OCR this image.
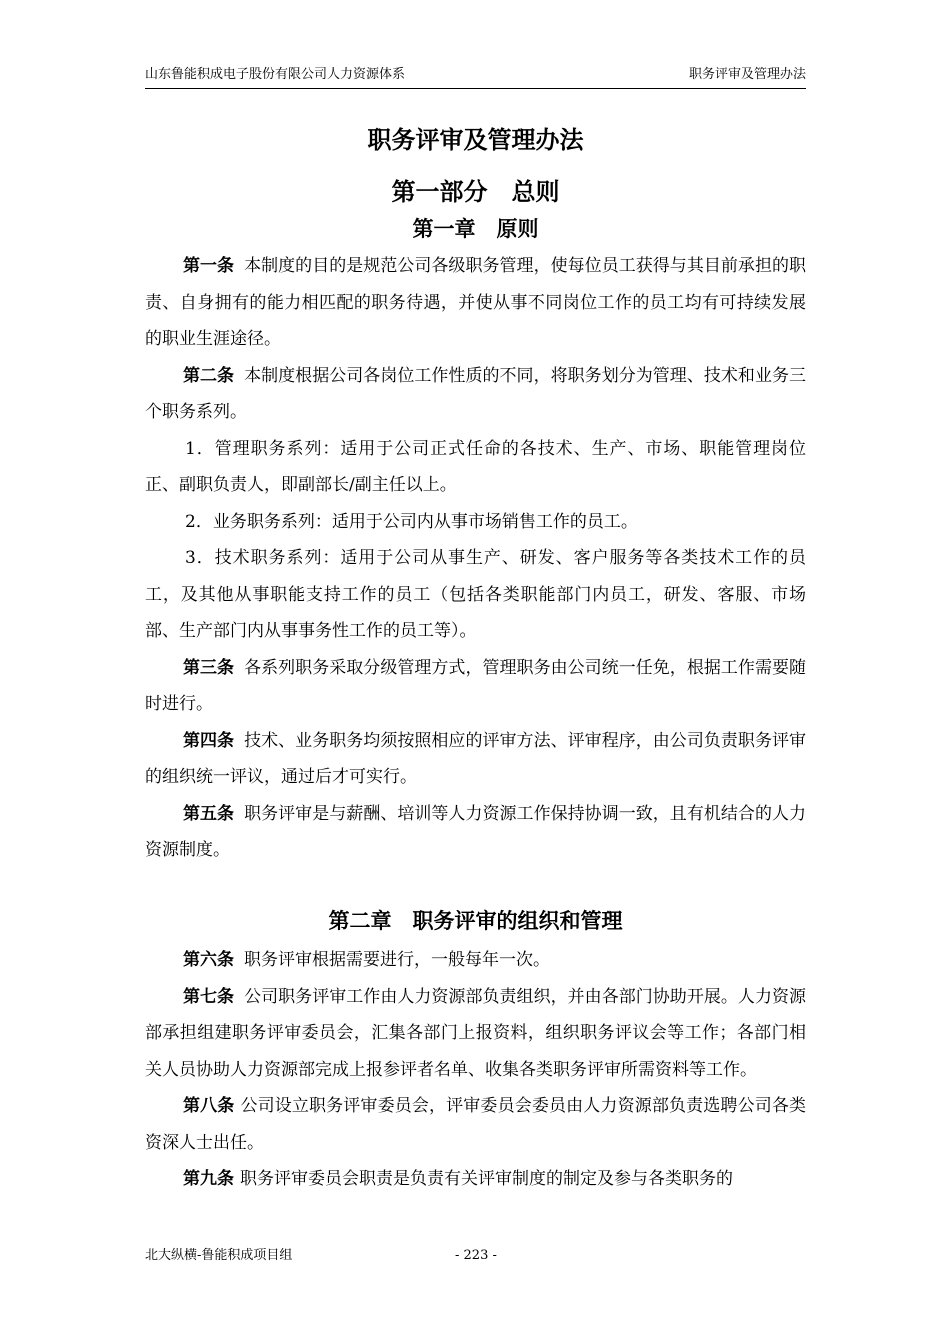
山东鲁能积成电子股份有限公司人力资源体系	职务评审及管理办法
职务评审及管理办法
第一部分　总则
第一章　原则

第一条 本制度的目的是规范公司各级职务管理，使每位员工获得与其目前承担的职责、自身拥有的能力相匹配的职务待遇，并使从事不同岗位工作的员工均有可持续发展的职业生涯途径。

第二条 本制度根据公司各岗位工作性质的不同，将职务划分为管理、技术和业务三个职务系列。

1．管理职务系列：适用于公司正式任命的各技术、生产、市场、职能管理岗位正、副职负责人，即副部长/副主任以上。

2．业务职务系列：适用于公司内从事市场销售工作的员工。

3．技术职务系列：适用于公司从事生产、研发、客户服务等各类技术工作的员工，及其他从事职能支持工作的员工（包括各类职能部门内员工，研发、客服、市场部、生产部门内从事事务性工作的员工等）。

第三条 各系列职务采取分级管理方式，管理职务由公司统一任免，根据工作需要随时进行。

第四条 技术、业务职务均须按照相应的评审方法、评审程序，由公司负责职务评审的组织统一评议，通过后才可实行。

第五条 职务评审是与薪酬、培训等人力资源工作保持协调一致，且有机结合的人力资源制度。

第二章　职务评审的组织和管理

第六条 职务评审根据需要进行，一般每年一次。

第七条 公司职务评审工作由人力资源部负责组织，并由各部门协助开展。人力资源部承担组建职务评审委员会，汇集各部门上报资料，组织职务评议会等工作；各部门相关人员协助人力资源部完成上报参评者名单、收集各类职务评审所需资料等工作。

第八条 公司设立职务评审委员会，评审委员会委员由人力资源部负责选聘公司各类资深人士出任。

第九条 职务评审委员会职责是负责有关评审制度的制定及参与各类职务的

北大纵横-鲁能积成项目组	- 223 -
